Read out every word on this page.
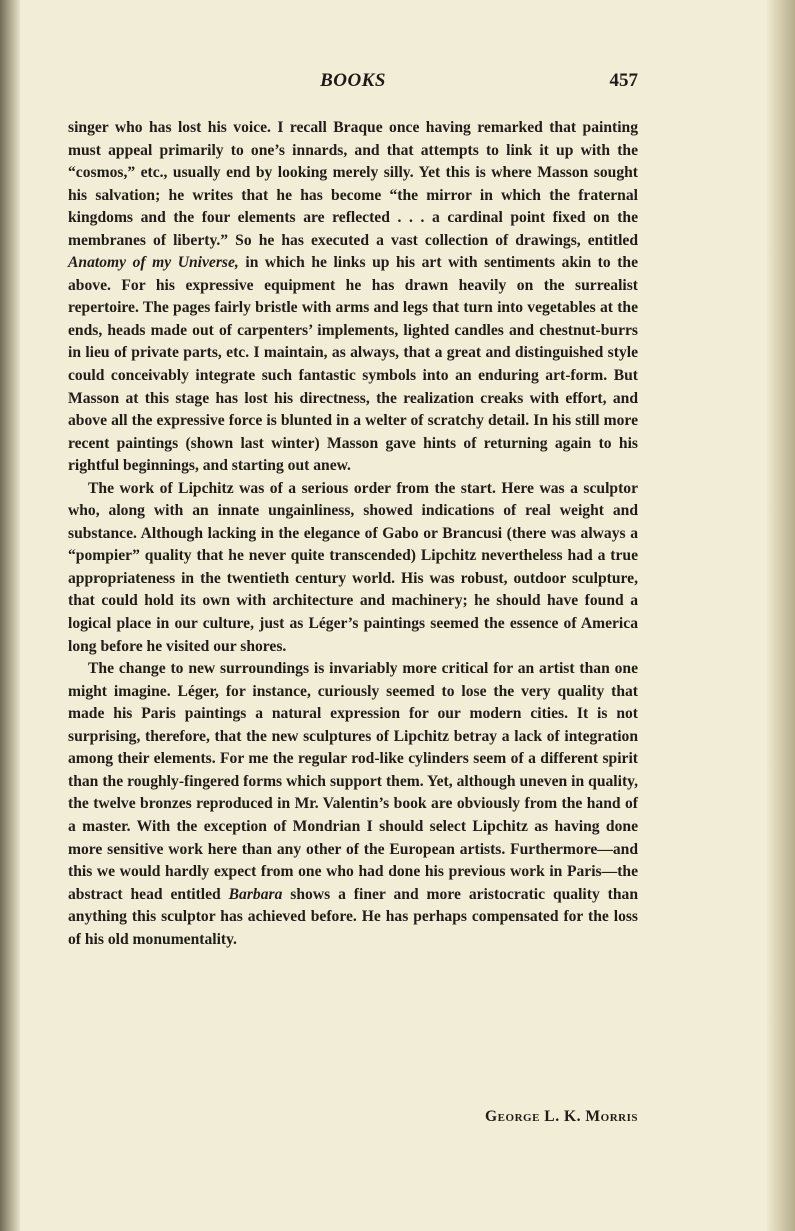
BOOKS	457

singer who has lost his voice. I recall Braque once having remarked that painting must appeal primarily to one’s innards, and that attempts to link it up with the “cosmos,” etc., usually end by looking merely silly. Yet this is where Masson sought his salvation; he writes that he has become “the mirror in which the fraternal kingdoms and the four elements are reflected . . . a cardinal point fixed on the membranes of liberty.” So he has executed a vast collection of drawings, entitled Anatomy of my Universe, in which he links up his art with sentiments akin to the above. For his expressive equipment he has drawn heavily on the surrealist repertoire. The pages fairly bristle with arms and legs that turn into vegetables at the ends, heads made out of carpenters’ implements, lighted candles and chestnut-burrs in lieu of private parts, etc. I maintain, as always, that a great and distinguished style could conceivably integrate such fantastic symbols into an enduring art-form. But Masson at this stage has lost his directness, the realization creaks with effort, and above all the expressive force is blunted in a welter of scratchy detail. In his still more recent paintings (shown last winter) Masson gave hints of returning again to his rightful beginnings, and starting out anew.

The work of Lipchitz was of a serious order from the start. Here was a sculptor who, along with an innate ungainliness, showed indications of real weight and substance. Although lacking in the elegance of Gabo or Brancusi (there was always a “pompier” quality that he never quite transcended) Lipchitz nevertheless had a true appropriateness in the twentieth century world. His was robust, outdoor sculpture, that could hold its own with architecture and machinery; he should have found a logical place in our culture, just as Léger’s paintings seemed the essence of America long before he visited our shores.

The change to new surroundings is invariably more critical for an artist than one might imagine. Léger, for instance, curiously seemed to lose the very quality that made his Paris paintings a natural expression for our modern cities. It is not surprising, therefore, that the new sculptures of Lipchitz betray a lack of integration among their elements. For me the regular rod-like cylinders seem of a different spirit than the roughly-fingered forms which support them. Yet, although uneven in quality, the twelve bronzes reproduced in Mr. Valentin’s book are obviously from the hand of a master. With the exception of Mondrian I should select Lipchitz as having done more sensitive work here than any other of the European artists. Furthermore—and this we would hardly expect from one who had done his previous work in Paris—the abstract head entitled Barbara shows a finer and more aristocratic quality than anything this sculptor has achieved before. He has perhaps compensated for the loss of his old monumentality.

George L. K. Morris
